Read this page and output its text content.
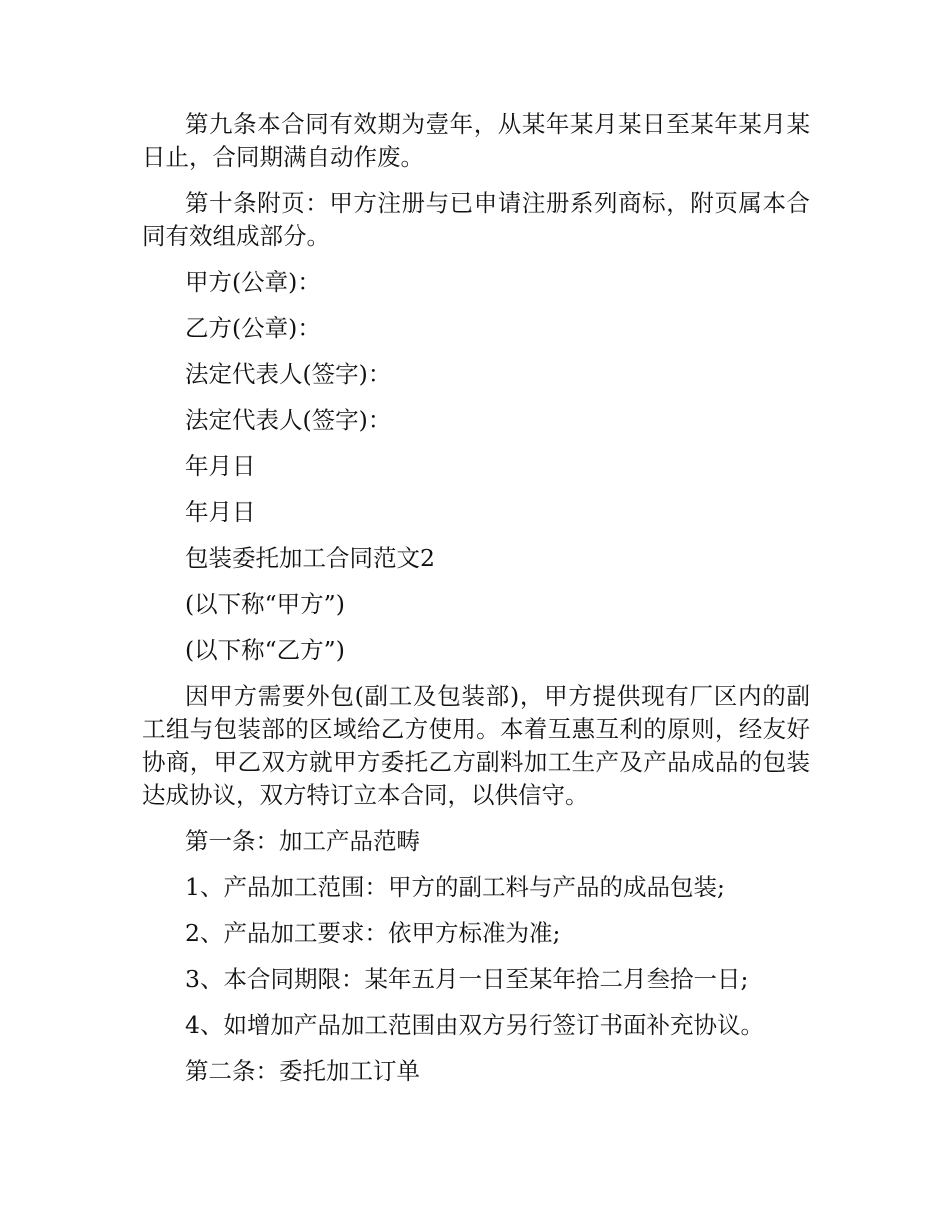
第九条本合同有效期为壹年，从某年某月某日至某年某月某日止，合同期满自动作废。

第十条附页：甲方注册与已申请注册系列商标，附页属本合同有效组成部分。

甲方(公章)：

乙方(公章)：

法定代表人(签字)：

法定代表人(签字)：

年月日

年月日

包装委托加工合同范文2

(以下称“甲方”)

(以下称“乙方”)

因甲方需要外包(副工及包装部)，甲方提供现有厂区内的副工组与包装部的区域给乙方使用。本着互惠互利的原则，经友好协商，甲乙双方就甲方委托乙方副料加工生产及产品成品的包装达成协议，双方特订立本合同，以供信守。

第一条：加工产品范畴

1、产品加工范围：甲方的副工料与产品的成品包装;

2、产品加工要求：依甲方标准为准;

3、本合同期限：某年五月一日至某年拾二月叁拾一日;

4、如增加产品加工范围由双方另行签订书面补充协议。

第二条：委托加工订单
